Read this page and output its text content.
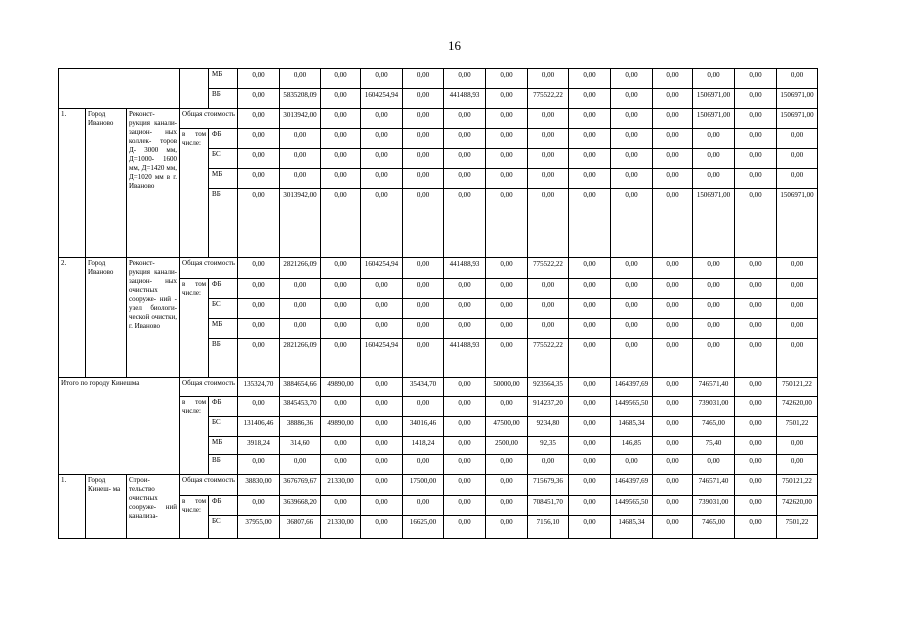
16
				МБ	0,00	0,00	0,00	0,00	0,00	0,00	0,00	0,00	0,00	0,00	0,00	0,00	0,00	0,00
				ВБ	0,00	5835208,09	0,00	1604254,94	0,00	441488,93	0,00	775522,22	0,00	0,00	0,00	1506971,00	0,00	1506971,00
1.	Город Иваново	Реконст- рукция канали- зацион- ных коллек- торов Д- 3000 мм, Д=1000- 1600 мм, Д=1420 мм, Д=1020 мм в г. Иваново	Общая стоимость		0,00	3013942,00	0,00	0,00	0,00	0,00	0,00	0,00	0,00	0,00	0,00	1506971,00	0,00	1506971,00
			в том числе:	ФБ	0,00	0,00	0,00	0,00	0,00	0,00	0,00	0,00	0,00	0,00	0,00	0,00	0,00	0,00
				БС	0,00	0,00	0,00	0,00	0,00	0,00	0,00	0,00	0,00	0,00	0,00	0,00	0,00	0,00
				МБ	0,00	0,00	0,00	0,00	0,00	0,00	0,00	0,00	0,00	0,00	0,00	0,00	0,00	0,00
				ВБ	0,00	3013942,00	0,00	0,00	0,00	0,00	0,00	0,00	0,00	0,00	0,00	1506971,00	0,00	1506971,00
2.	Город Иваново	Реконст- рукция канали- зацион- ных очистных сооруже- ний - узел биологи- ческой очистки, г. Иваново	Общая стоимость		0,00	2821266,09	0,00	1604254,94	0,00	441488,93	0,00	775522,22	0,00	0,00	0,00	0,00	0,00	0,00
			в том числе:	ФБ	0,00	0,00	0,00	0,00	0,00	0,00	0,00	0,00	0,00	0,00	0,00	0,00	0,00	0,00
				БС	0,00	0,00	0,00	0,00	0,00	0,00	0,00	0,00	0,00	0,00	0,00	0,00	0,00	0,00
				МБ	0,00	0,00	0,00	0,00	0,00	0,00	0,00	0,00	0,00	0,00	0,00	0,00	0,00	0,00
				ВБ	0,00	2821266,09	0,00	1604254,94	0,00	441488,93	0,00	775522,22	0,00	0,00	0,00	0,00	0,00	0,00
Итого по городу Кинешма			Общая стоимость		135324,70	3884654,66	49890,00	0,00	35434,70	0,00	50000,00	923564,35	0,00	1464397,69	0,00	746571,40	0,00	750121,22
			в том числе:	ФБ	0,00	3845453,70	0,00	0,00	0,00	0,00	0,00	914237,20	0,00	1449565,50	0,00	739031,00	0,00	742620,00
				БС	131406,46	38886,36	49890,00	0,00	34016,46	0,00	47500,00	9234,80	0,00	14685,34	0,00	7465,00	0,00	7501,22
				МБ	3918,24	314,60	0,00	0,00	1418,24	0,00	2500,00	92,35	0,00	146,85	0,00	75,40	0,00	0,00
				ВБ	0,00	0,00	0,00	0,00	0,00	0,00	0,00	0,00	0,00	0,00	0,00	0,00	0,00	0,00
1.	Город Кинеш- ма	Строи- тельство очистных сооруже- ний канализа-	Общая стоимость		38830,00	3676769,67	21330,00	0,00	17500,00	0,00	0,00	715679,36	0,00	1464397,69	0,00	746571,40	0,00	750121,22
			в том числе:	ФБ	0,00	3639668,20	0,00	0,00	0,00	0,00	0,00	708451,70	0,00	1449565,50	0,00	739031,00	0,00	742620,00
				БС	37955,00	36807,66	21330,00	0,00	16625,00	0,00	0,00	7156,10	0,00	14685,34	0,00	7465,00	0,00	7501,22
